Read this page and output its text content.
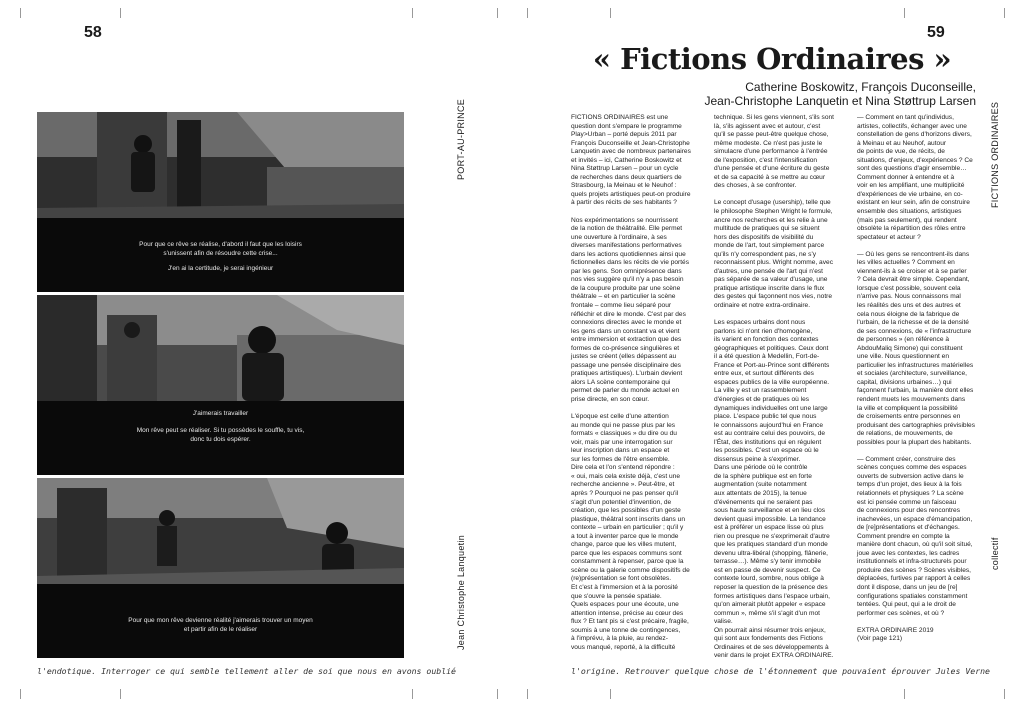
58
PORT-AU-PRINCE
Jean Christophe Lanquetin
Pour que ce rêve se réalise, d'abord il faut que les loisirs
s'unissent afin de résoudre cette crise...
J'en ai la certitude, je serai ingénieur
J'aimerais travailler
Mon rêve peut se réaliser. Si tu possèdes le souffle, tu vis,
donc tu dois espérer.
Pour que mon rêve devienne réalité j'aimerais trouver un moyen
et partir afin de le réaliser
l'endotique. Interroger ce qui semble tellement aller de soi que nous en avons oublié
59
« Fictions Ordinaires »
Catherine Boskowitz, François Duconseille,
Jean-Christophe Lanquetin et Nina Støttrup Larsen
FICTIONS ORDINAIRES
collectif

FICTIONS ORDINAIRES est une
question dont s'empare le programme
Play>Urban – porté depuis 2011 par
François Duconseille et Jean-Christophe
Lanquetin avec de nombreux partenaires
et invités – ici, Catherine Boskowitz et
Nina Støttrup Larsen – pour un cycle
de recherches dans deux quartiers de
Strasbourg, la Meinau et le Neuhof :
quels projets artistiques peut-on produire
à partir des récits de ses habitants ?

Nos expérimentations se nourrissent
de la notion de théâtralité. Elle permet
une ouverture à l'ordinaire, à ses
diverses manifestations performatives
dans les actions quotidiennes ainsi que
fictionnelles dans les récits de vie portés
par les gens. Son omniprésence dans
nos vies suggère qu'il n'y a pas besoin
de la coupure produite par une scène
théâtrale – et en particulier la scène
frontale – comme lieu séparé pour
réfléchir et dire le monde. C'est par des
connexions directes avec le monde et
les gens dans un constant va et vient
entre immersion et extraction que des
formes de co-présence singulières et
justes se créent (elles dépassent au
passage une pensée disciplinaire des
pratiques artistiques). L'urbain devient
alors LA scène contemporaine qui
permet de parler du monde actuel en
prise directe, en son cœur.

L'époque est celle d'une attention
au monde qui ne passe plus par les
formats « classiques » du dire ou du
voir, mais par une interrogation sur
leur inscription dans un espace et
sur les formes de l'être ensemble.
Dire cela et l'on s'entend répondre :
« oui, mais cela existe déjà, c'est une
recherche ancienne ». Peut-être, et
après ? Pourquoi ne pas penser qu'il
s'agit d'un potentiel d'invention, de
création, que les possibles d'un geste
plastique, théâtral sont inscrits dans un
contexte – urbain en particulier ; qu'il y
a tout à inventer parce que le monde
change, parce que les villes mutent,
parce que les espaces communs sont
constamment à repenser, parce que la
scène ou la galerie comme dispositifs de
(re)présentation se font obsolètes.
Et c'est à l'immersion et à la porosité
que s'ouvre la pensée spatiale.
Quels espaces pour une écoute, une
attention intense, précise au cœur des
flux ? Et tant pis si c'est précaire, fragile,
soumis à une tonne de contingences,
à l'imprévu, à la pluie, au rendez-
vous manqué, reporté, à la difficulté

technique. Si les gens viennent, s'ils sont
là, s'ils agissent avec et autour, c'est
qu'il se passe peut-être quelque chose,
même modeste. Ce n'est pas juste le
simulacre d'une performance à l'entrée
de l'exposition, c'est l'intensification
d'une pensée et d'une écriture du geste
et de sa capacité à se mettre au cœur
des choses, à se confronter.

Le concept d'usage (usership), telle que
le philosophe Stephen Wright le formule,
ancre nos recherches et les relie à une
multitude de pratiques qui se situent
hors des dispositifs de visibilité du
monde de l'art, tout simplement parce
qu'ils n'y correspondent pas, ne s'y
reconnaissent plus. Wright nomme, avec
d'autres, une pensée de l'art qui n'est
pas séparée de sa valeur d'usage, une
pratique artistique inscrite dans le flux
des gestes qui façonnent nos vies, notre
ordinaire et notre extra-ordinaire.

Les espaces urbains dont nous
parlons ici n'ont rien d'homogène,
ils varient en fonction des contextes
géographiques et politiques. Ceux dont
il a été question à Medellin, Fort-de-
France et Port-au-Prince sont différents
entre eux, et surtout différents des
espaces publics de la ville européenne.
La ville y est un rassemblement
d'énergies et de pratiques où les
dynamiques individuelles ont une large
place. L'espace public tel que nous
le connaissons aujourd'hui en France
est au contraire celui des pouvoirs, de
l'État, des institutions qui en régulent
les possibles. C'est un espace où le
dissensus peine à s'exprimer.
Dans une période où le contrôle
de la sphère publique est en forte
augmentation (suite notamment
aux attentats de 2015), la tenue
d'événements qui ne seraient pas
sous haute surveillance et en lieu clos
devient quasi impossible. La tendance
est à préférer un espace lisse où plus
rien ou presque ne s'exprimerait d'autre
que les pratiques standard d'un monde
devenu ultra-libéral (shopping, flânerie,
terrasse…). Même s'y tenir immobile
est en passe de devenir suspect. Ce
contexte lourd, sombre, nous oblige à
reposer la question de la présence des
formes artistiques dans l'espace urbain,
qu'on aimerait plutôt appeler « espace
commun », même s'il s'agit d'un mot
valise.
On pourrait ainsi résumer trois enjeux,
qui sont aux fondements des Fictions
Ordinaires et de ses développements à
venir dans le projet EXTRA ORDINAIRE.

— Comment en tant qu'individus,
artistes, collectifs, échanger avec une
constellation de gens d'horizons divers,
à Meinau et au Neuhof, autour
de points de vue, de récits, de
situations, d'enjeux, d'expériences ? Ce
sont des questions d'agir ensemble…
Comment donner à entendre et à
voir en les amplifiant, une multiplicité
d'expériences de vie urbaine, en co-
existant en leur sein, afin de construire
ensemble des situations, artistiques
(mais pas seulement), qui rendent
obsolète la répartition des rôles entre
spectateur et acteur ?

— Où les gens se rencontrent-ils dans
les villes actuelles ? Comment en
viennent-ils à se croiser et à se parler
? Cela devrait être simple. Cependant,
lorsque c'est possible, souvent cela
n'arrive pas. Nous connaissons mal
les réalités des uns et des autres et
cela nous éloigne de la fabrique de
l'urbain, de la richesse et de la densité
de ses connexions, de « l'infrastructure
de personnes » (en référence à
AbdouMaliq Simone) qui constituent
une ville. Nous questionnent en
particulier les infrastructures matérielles
et sociales (architecture, surveillance,
capital, divisions urbaines…) qui
façonnent l'urbain, la manière dont elles
rendent muets les mouvements dans
la ville et compliquent la possibilité
de croisements entre personnes en
produisant des cartographies prévisibles
de relations, de mouvements, de
possibles pour la plupart des habitants.

— Comment créer, construire des
scènes conçues comme des espaces
ouverts de subversion active dans le
temps d'un projet, des lieux à la fois
relationnels et physiques ? La scène
est ici pensée comme un faisceau
de connexions pour des rencontres
inachevées, un espace d'émancipation,
de [re]présentations et d'échanges.
Comment prendre en compte la
manière dont chacun, où qu'il soit situé,
joue avec les contextes, les cadres
institutionnels et infra-structurels pour
produire des scènes ? Scènes visibles,
déplacées, furtives par rapport à celles
dont il dispose, dans un jeu de [re]
configurations spatiales constamment
tentées. Qui peut, qui a le droit de
performer ces scènes, et où ?

EXTRA ORDINAIRE 2019
(Voir page 121)

l'origine. Retrouver quelque chose de l'étonnement que pouvaient éprouver Jules Verne
